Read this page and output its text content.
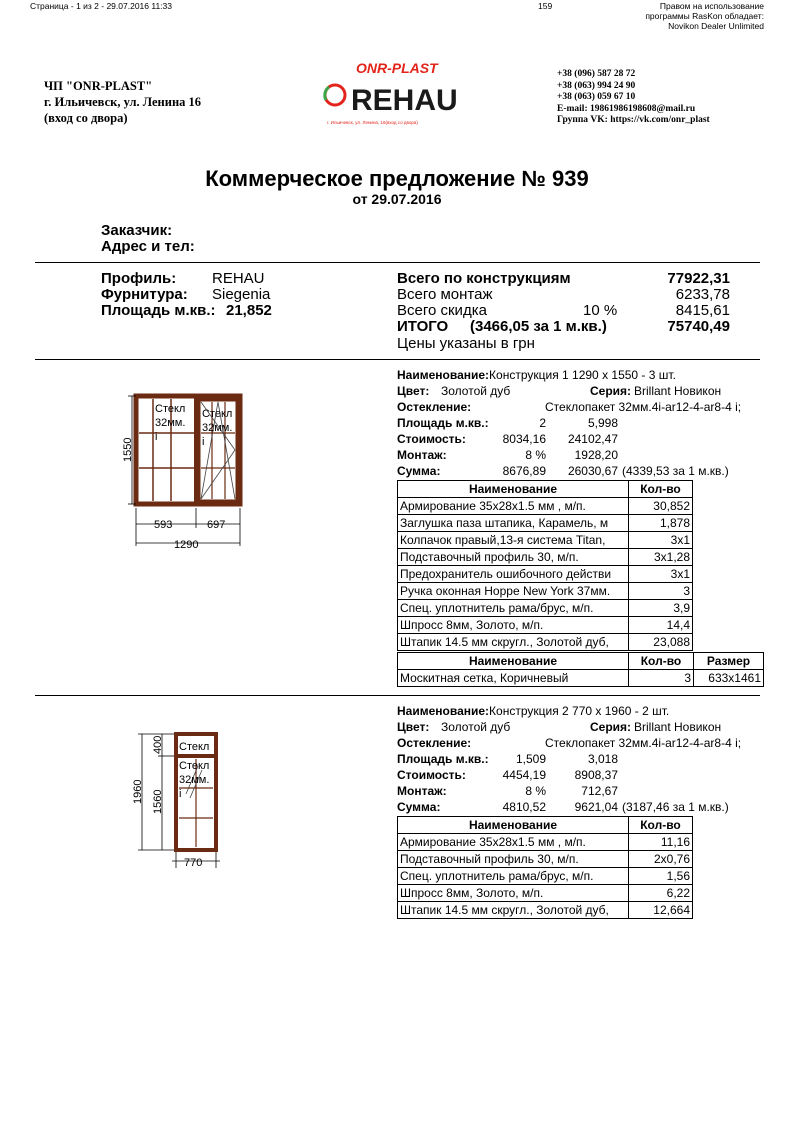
Страница - 1 из 2 - 29.07.2016 11:33	159	Правом на использование
программы RasKon обладает:
Novikon Dealer Unlimited
ЧП "ONR-PLAST"
г. Ильичевск, ул. Ленина 16
(вход со двора)
ONR-PLAST
REHAU
г. Ильичевск, ул. Ленина, 16(вход со двора)
+38 (096) 587 28 72
+38 (063) 994 24 90
+38 (063) 059 67 10
E-mail: 19861986198608@mail.ru
Группа VK: https://vk.com/onr_plast
Коммерческое предложение № 939
от 29.07.2016
Заказчик:
Адрес и тел:
Профиль: REHAU
Фурнитура: Siegenia
Площадь м.кв.: 21,852
Всего по конструкциям	77922,31
Всего монтаж	6233,78
Всего скидка	10 %	8415,61
ИТОГО (3466,05 за 1 м.кв.)	75740,49
Цены указаны в грн
Наименование:Конструкция 1 1290 x 1550 - 3 шт.
Цвет: Золотой дуб	Серия: Brillant Новикон
Остекление:	Стеклопакет 32мм.4i-ar12-4-ar8-4 i;
Площадь м.кв.:	2	5,998
Стоимость:	8034,16	24102,47
Монтаж:	8 %	1928,20
Сумма:	8676,89	26030,67 (4339,53 за 1 м.кв.)
Наименование	Кол-во
Армирование 35x28x1.5 мм , м/п.	30,852
Заглушка паза штапика, Карамель, м	1,878
Колпачок правый,13-я система Titan,	3x1
Подставочный профиль 30, м/п.	3x1,28
Предохранитель ошибочного действи	3x1
Ручка оконная Hoppe New York 37мм.	3
Спец. уплотнитель рама/брус, м/п.	3,9
Шпросс 8мм, Золото, м/п.	14,4
Штапик 14.5 мм скругл., Золотой дуб,	23,088
Наименование	Кол-во	Размер
Москитная сетка, Коричневый	3	633x1461
Стекл
32мм.
i
Стекл
32мм.
i
1550
593	697
1290
Наименование:Конструкция 2 770 x 1960 - 2 шт.
Цвет: Золотой дуб	Серия: Brillant Новикон
Остекление:	Стеклопакет 32мм.4i-ar12-4-ar8-4 i;
Площадь м.кв.:	1,509	3,018
Стоимость:	4454,19	8908,37
Монтаж:	8 %	712,67
Сумма:	4810,52	9621,04 (3187,46 за 1 м.кв.)
Наименование	Кол-во
Армирование 35x28x1.5 мм , м/п.	11,16
Подставочный профиль 30, м/п.	2x0,76
Спец. уплотнитель рама/брус, м/п.	1,56
Шпросс 8мм, Золото, м/п.	6,22
Штапик 14.5 мм скругл., Золотой дуб,	12,664
Стекл
Стекл
32мм.
i
1960
400
1560
770
